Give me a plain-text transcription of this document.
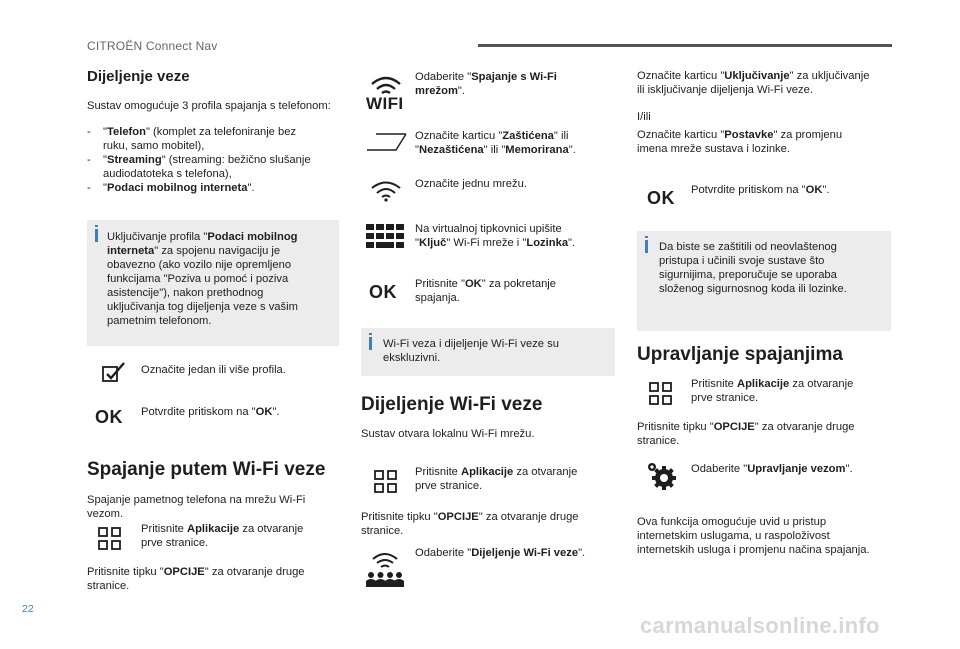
CITROËN Connect Nav
Dijeljenje veze
Sustav omogućuje 3 profila spajanja s telefonom:
- "Telefon" (komplet za telefoniranje bez
ruku, samo mobitel),
- "Streaming" (streaming: bežično slušanje
audiodatoteka s telefona),
- "Podaci mobilnog interneta".
Uključivanje profila "Podaci mobilnog
interneta" za spojenu navigaciju je
obavezno (ako vozilo nije opremljeno
funkcijama "Poziva u pomoć i poziva
asistencije"), nakon prethodnog
uključivanja tog dijeljenja veze s vašim
pametnim telefonom.
Označite jedan ili više profila.
OK Potvrdite pritiskom na "OK".
Spajanje putem Wi-Fi veze
Spajanje pametnog telefona na mrežu Wi-Fi
vezom.
Pritisnite Aplikacije za otvaranje
prve stranice.
Pritisnite tipku "OPCIJE" za otvaranje druge
stranice.
WIFI
Odaberite "Spajanje s Wi-Fi
mrežom".
Označite karticu "Zaštićena" ili
"Nezaštićena" ili "Memorirana".
Označite jednu mrežu.
Na virtualnoj tipkovnici upišite
"Ključ" Wi-Fi mreže i "Lozinka".
OK Pritisnite "OK" za pokretanje
spajanja.
Wi-Fi veza i dijeljenje Wi-Fi veze su
ekskluzivni.
Dijeljenje Wi-Fi veze
Sustav otvara lokalnu Wi-Fi mrežu.
Pritisnite Aplikacije za otvaranje
prve stranice.
Pritisnite tipku "OPCIJE" za otvaranje druge
stranice.
Odaberite "Dijeljenje Wi-Fi veze".
Označite karticu "Uključivanje" za uključivanje
ili isključivanje dijeljenja Wi-Fi veze.
I/ili
Označite karticu "Postavke" za promjenu
imena mreže sustava i lozinke.
OK Potvrdite pritiskom na "OK".
Da biste se zaštitili od neovlaštenog
pristupa i učinili svoje sustave što
sigurnijima, preporučuje se uporaba
složenog sigurnosnog koda ili lozinke.
Upravljanje spajanjima
Pritisnite Aplikacije za otvaranje
prve stranice.
Pritisnite tipku "OPCIJE" za otvaranje druge
stranice.
Odaberite "Upravljanje vezom".
Ova funkcija omogućuje uvid u pristup
internetskim uslugama, u raspoloživost
internetskih usluga i promjenu načina spajanja.
22
carmanualsonline.info
